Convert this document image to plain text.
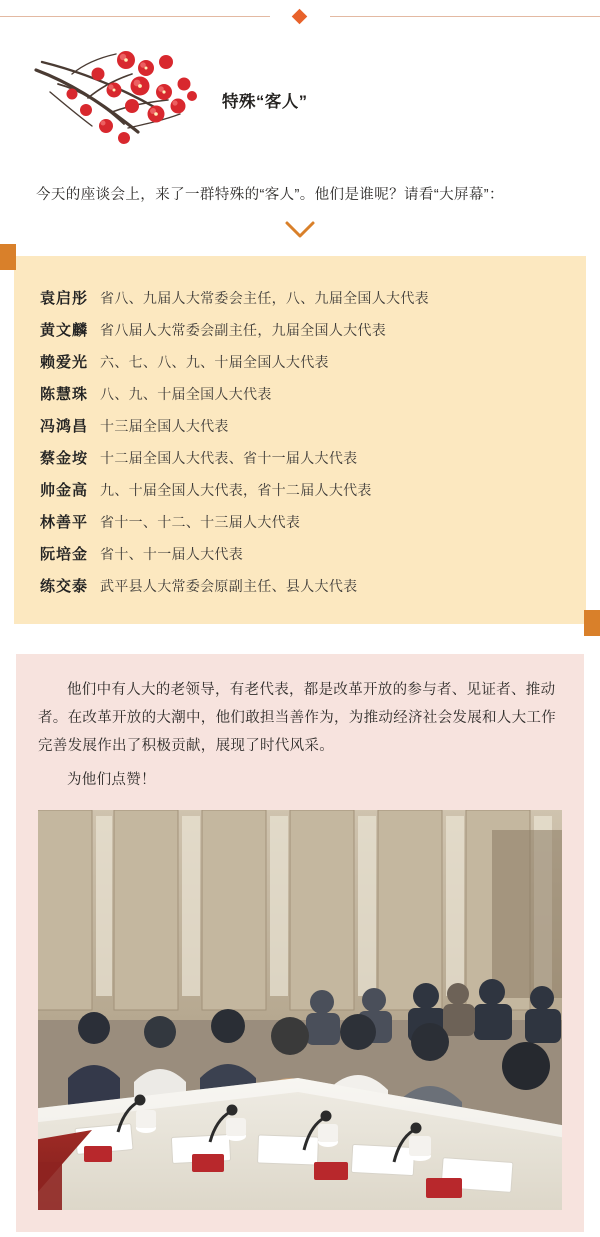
特殊“客人”
今天的座谈会上，来了一群特殊的“客人”。他们是谁呢？请看“大屏幕”：
袁启彤 省八、九届人大常委会主任，八、九届全国人大代表
黄文麟 省八届人大常委会副主任，九届全国人大代表
赖爱光 六、七、八、九、十届全国人大代表
陈慧珠 八、九、十届全国人大代表
冯鸿昌 十三届全国人大代表
蔡金垵 十二届全国人大代表、省十一届人大代表
帅金高 九、十届全国人大代表，省十二届人大代表
林善平 省十一、十二、十三届人大代表
阮培金 省十、十一届人大代表
练交泰 武平县人大常委会原副主任、县人大代表

他们中有人大的老领导，有老代表，都是改革开放的参与者、见证者、推动者。在改革开放的大潮中，他们敢担当善作为，为推动经济社会发展和人大工作完善发展作出了积极贡献，展现了时代风采。

为他们点赞！
